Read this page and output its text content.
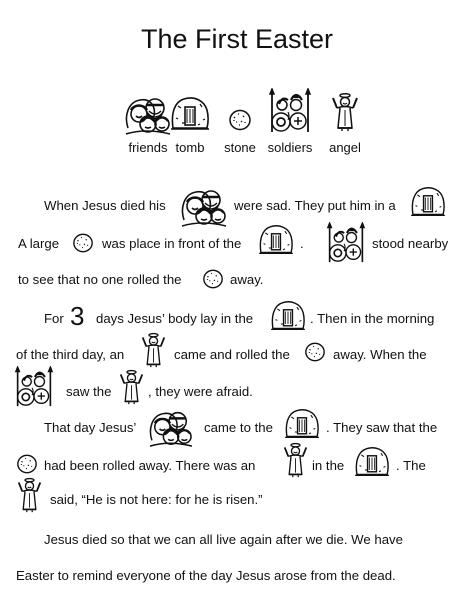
The First Easter
friends tomb stone soldiers angel
When Jesus died his	were sad. They put him in a
A large	was place in front of the	.	stood nearby
to see that no one rolled the	away.
For 3 days Jesus’ body lay in the	. Then in the morning
of the third day, an	came and rolled the	away. When the
saw the	, they were afraid.
That day Jesus’	came to the	. They saw that the
had been rolled away. There was an	in the	. The
said, “He is not here: for he is risen.”
Jesus died so that we can all live again after we die. We have
Easter to remind everyone of the day Jesus arose from the dead.
